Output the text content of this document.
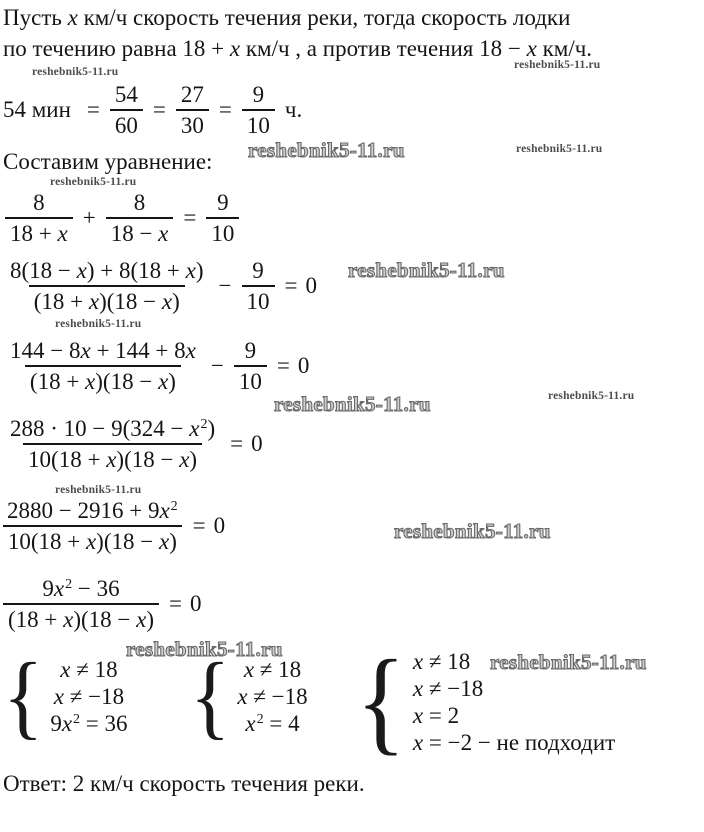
Пусть x км/ч скорость течения реки, тогда скорость лодки

по течению равна 18 + x км/ч , а против течения 18 − x км/ч.

54 мин = $\frac{54}{60} = \frac{27}{30} = \frac{9}{10} ч$.

Составим уравнение:

$\frac{8}{18 + x} + \frac{8}{18 - x} = \frac{9}{10}$
$\frac{8(18 - x) + 8(18 + x)}{(18 + x)(18 - x)} - \frac{9}{10} = 0$
$\frac{144 - 8x + 144 + 8x}{(18 + x)(18 - x)} - \frac{9}{10} = 0$
$\frac{288 \cdot 10 - 9(324 - x^2)}{10(18 + x)(18 - x)} = 0$
$\frac{2880 - 2916 + 9x^2}{10(18 + x)(18 - x)} = 0$
$\frac{9x^2 - 36}{(18 + x)(18 - x)} = 0$
{ x ≠ 18
x ≠ −18
$9x^2 = 36$ { x ≠ 18
x ≠ −18
$x^2 = 4$ { x ≠ 18
x ≠ −18
x = 2
x = −2 − не подходит

Ответ: 2 км/ч скорость течения реки.

reshebnik5-11.ru
reshebnik5-11.ru
reshebnik5-11.ru
reshebnik5-11.ru
reshebnik5-11.ru
reshebnik5-11.ru
reshebnik5-11.ru
reshebnik5-11.ru
reshebnik5-11.ru
reshebnik5-11.ru
reshebnik5-11.ru
reshebnik5-11.ru
reshebnik5-11.ru
